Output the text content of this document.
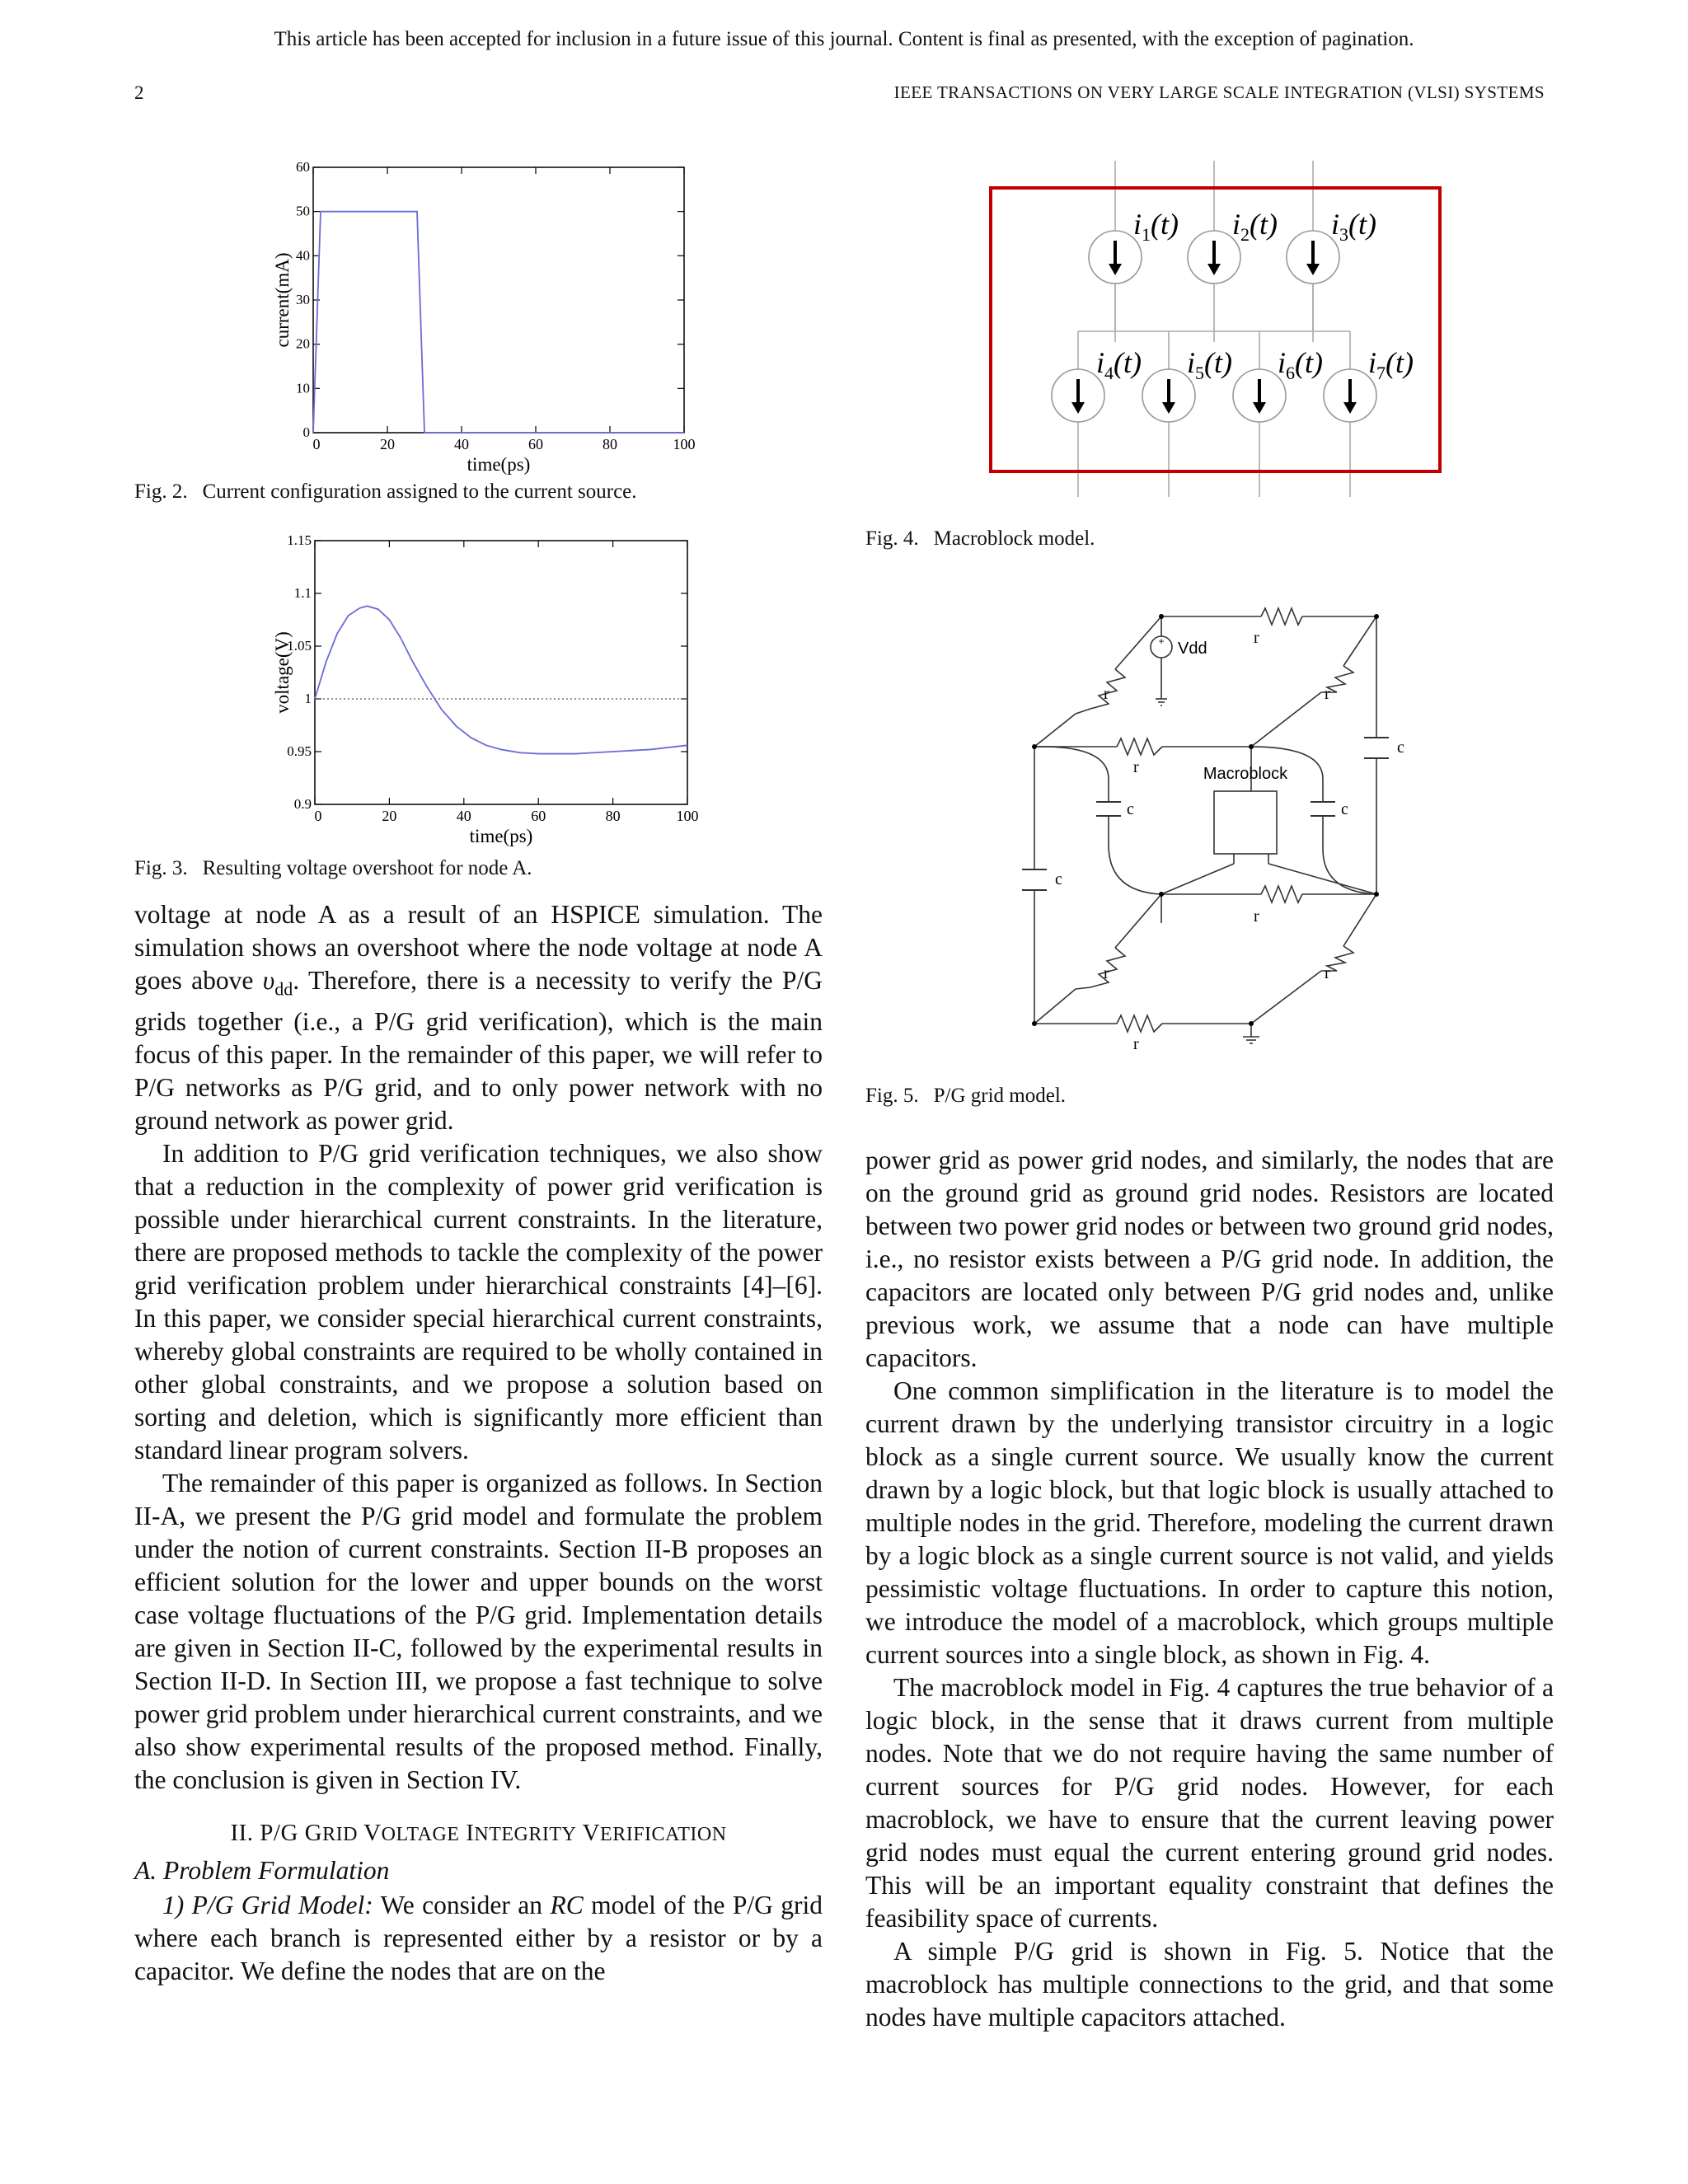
This article has been accepted for inclusion in a future issue of this journal. Content is final as presented, with the exception of pagination.
2	IEEE TRANSACTIONS ON VERY LARGE SCALE INTEGRATION (VLSI) SYSTEMS
0	20	40	60	80	100
0
10
20
30
40
50
60
time(ps)
current(mA)
Fig. 2. Current configuration assigned to the current source.
0	20	40	60	80	100
0.9
0.95
1
1.05
1.1
1.15
time(ps)
voltage(V)
Fig. 3. Resulting voltage overshoot for node A.
$i_1(t)$ $i_2(t)$ $i_3(t)$
$i_4(t)$ $i_5(t)$ $i_6(t)$ $i_7(t)$
Fig. 4. Macroblock model.
+ Vdd
Macroblock
r
r	r
r
r
r	r
r
c
c
c	c
Fig. 5. P/G grid model.

voltage at node A as a result of an HSPICE simulation. The simulation shows an overshoot where the node voltage at node A goes above $\upsilon_{dd}$. Therefore, there is a necessity to verify the P/G grids together (i.e., a P/G grid verification), which is the main focus of this paper. In the remainder of this paper, we will refer to P/G networks as P/G grid, and to only power network with no ground network as power grid.

In addition to P/G grid verification techniques, we also show that a reduction in the complexity of power grid verification is possible under hierarchical current constraints. In the literature, there are proposed methods to tackle the complexity of the power grid verification problem under hierarchical constraints [4]–[6]. In this paper, we consider special hierarchical current constraints, whereby global constraints are required to be wholly contained in other global constraints, and we propose a solution based on sorting and deletion, which is significantly more efficient than standard linear program solvers.

The remainder of this paper is organized as follows. In Section II-A, we present the P/G grid model and formulate the problem under the notion of current constraints. Section II-B proposes an efficient solution for the lower and upper bounds on the worst case voltage fluctuations of the P/G grid. Implementation details are given in Section II-C, followed by the experimental results in Section II-D. In Section III, we propose a fast technique to solve power grid problem under hierarchical current constraints, and we also show experimental results of the proposed method. Finally, the conclusion is given in Section IV.

II. P/G GRID VOLTAGE INTEGRITY VERIFICATION
A. Problem Formulation

1) P/G Grid Model: We consider an RC model of the P/G grid where each branch is represented either by a resistor or by a capacitor. We define the nodes that are on the

power grid as power grid nodes, and similarly, the nodes that are on the ground grid as ground grid nodes. Resistors are located between two power grid nodes or between two ground grid nodes, i.e., no resistor exists between a P/G grid node. In addition, the capacitors are located only between P/G grid nodes and, unlike previous work, we assume that a node can have multiple capacitors.

One common simplification in the literature is to model the current drawn by the underlying transistor circuitry in a logic block as a single current source. We usually know the current drawn by a logic block, but that logic block is usually attached to multiple nodes in the grid. Therefore, modeling the current drawn by a logic block as a single current source is not valid, and yields pessimistic voltage fluctuations. In order to capture this notion, we introduce the model of a macroblock, which groups multiple current sources into a single block, as shown in Fig. 4.

The macroblock model in Fig. 4 captures the true behavior of a logic block, in the sense that it draws current from multiple nodes. Note that we do not require having the same number of current sources for P/G grid nodes. However, for each macroblock, we have to ensure that the current leaving power grid nodes must equal the current entering ground grid nodes. This will be an important equality constraint that defines the feasibility space of currents.

A simple P/G grid is shown in Fig. 5. Notice that the macroblock has multiple connections to the grid, and that some nodes have multiple capacitors attached.
